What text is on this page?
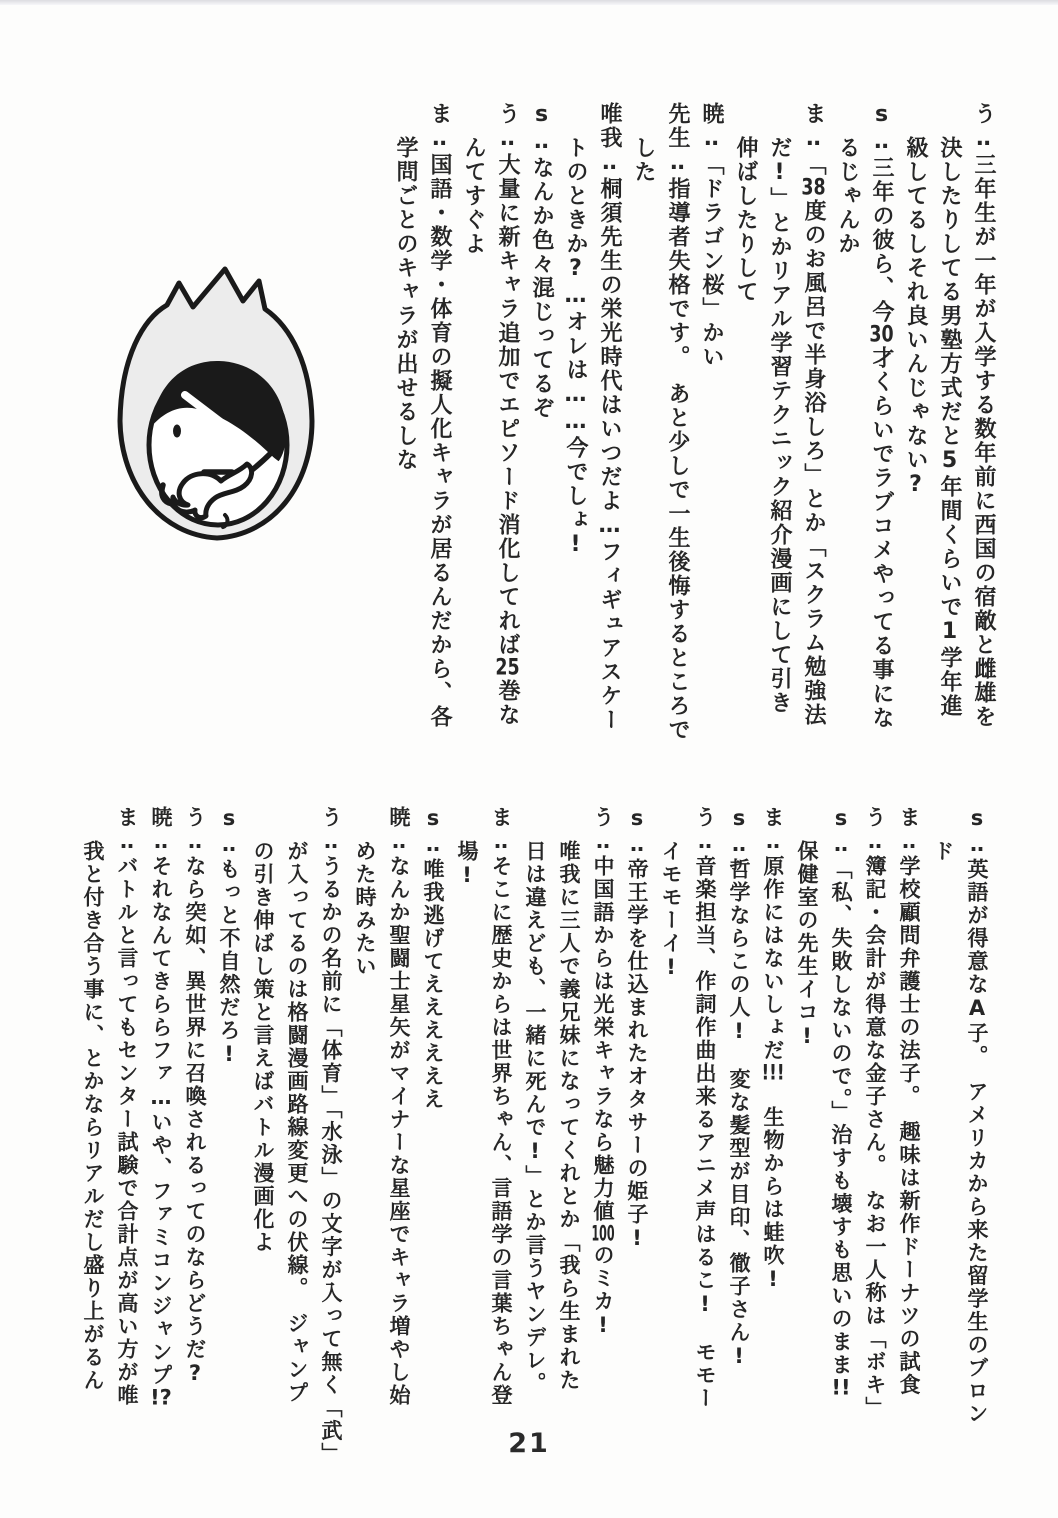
う‥三年生が一年が入学する数年前に西国の宿敵と雌雄を
決したりしてる男塾方式だと5年間くらいで1学年進
級してるしそれ良いんじゃない?
s‥三年の彼ら、今30才くらいでラブコメやってる事にな
るじゃんか
ま‥「38度のお風呂で半身浴しろ」とか「スクラム勉強法
だ!」とかリアル学習テクニック紹介漫画にして引き
伸ばしたりして
暁‥「ドラゴン桜」かい
先生‥指導者失格です。　あと少しで一生後悔するところで
した
唯我‥桐須先生の栄光時代はいつだよ…フィギュアスケー
トのときか?…オレは……今でしょ!
s‥なんか色々混じってるぞ
う‥大量に新キャラ追加でエピソード消化してれば25巻な
んてすぐよ
ま‥国語・数学・体育の擬人化キャラが居るんだから、各
学問ごとのキャラが出せるしな
s‥英語が得意なA子。　アメリカから来た留学生のブロン
ド
ま‥学校顧問弁護士の法子。　趣味は新作ドーナツの試食
う‥簿記・会計が得意な金子さん。　なお一人称は「ボキ」
s‥「私、失敗しないので。」治すも壊すも思いのまま!!
保健室の先生イコ!
ま‥原作にはないしょだ!!!　生物からは蛙吹!
s‥哲学ならこの人!　変な髪型が目印、徹子さん!
う‥音楽担当、作詞作曲出来るアニメ声はるこ!　モモー
イモモーイ!
s‥帝王学を仕込まれたオタサーの姫子!
う‥中国語からは光栄キャラなら魅力値100のミカ!
唯我に三人で義兄妹になってくれとか「我ら生まれた
日は違えども、一緒に死んで!」とか言うヤンデレ。
ま‥そこに歴史からは世界ちゃん、言語学の言葉ちゃん登
場!
s‥唯我逃げてええええええ
暁‥なんか聖闘士星矢がマイナーな星座でキャラ増やし始
めた時みたい
う‥うるかの名前に「体育」「水泳」の文字が入って無く「武」
が入ってるのは格闘漫画路線変更への伏線。　ジャンプ
の引き伸ばし策と言えばバトル漫画化よ
s‥もっと不自然だろ!
う‥なら突如、異世界に召喚されるってのならどうだ?
暁‥それなんてきららファ…いや、ファミコンジャンプ!?
ま‥バトルと言ってもセンター試験で合計点が高い方が唯
我と付き合う事に、とかならリアルだし盛り上がるん
21
